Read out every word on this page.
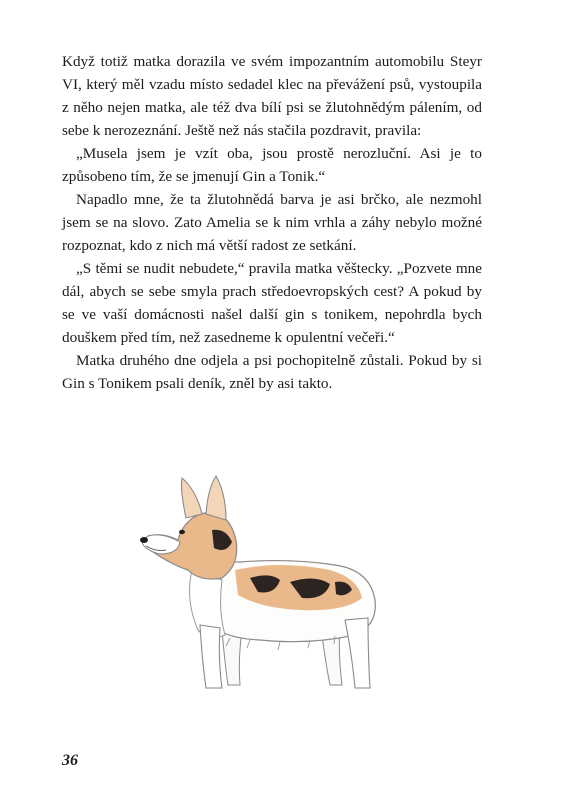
Když totiž matka dorazila ve svém impozantním automobilu Steyr VI, který měl vzadu místo sedadel klec na převážení psů, vystoupila z něho nejen matka, ale též dva bílí psi se žlutohnědým pálením, od sebe k nerozeznání. Ještě než nás stačila pozdravit, pravila:

„Musela jsem je vzít oba, jsou prostě nerozluční. Asi je to způsobeno tím, že se jmenují Gin a Tonik.“

Napadlo mne, že ta žlutohnědá barva je asi brčko, ale nezmohl jsem se na slovo. Zato Amelia se k nim vrhla a záhy nebylo možné rozpoznat, kdo z nich má větší radost ze setkání.

„S těmi se nudit nebudete,“ pravila matka věštecky. „Pozvete mne dál, abych se sebe smyla prach středoevropských cest? A pokud by se ve vaší domácnosti našel další gin s tonikem, nepohrdla bych douškem před tím, než zasedneme k opulentní večeři.“

Matka druhého dne odjela a psi pochopitelně zůstali. Pokud by si Gin s Tonikem psali deník, zněl by asi takto.

36
